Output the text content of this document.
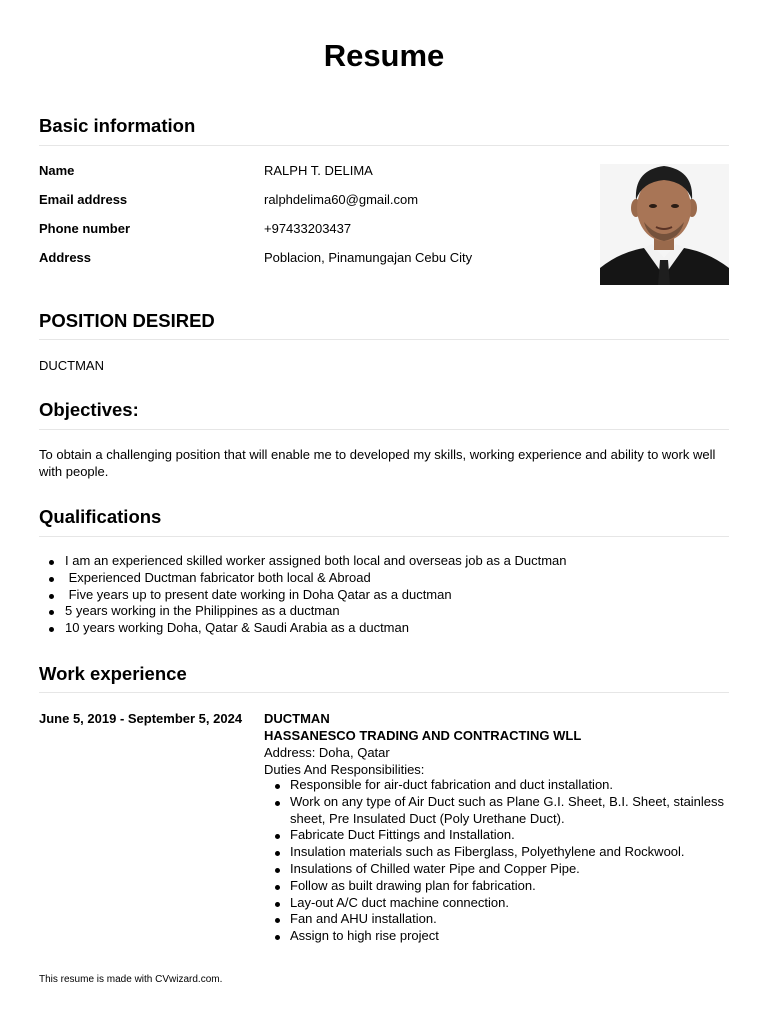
Resume
Basic information
Name	RALPH T. DELIMA
Email address	ralphdelima60@gmail.com
Phone number	+97433203437
Address	Poblacion, Pinamungajan Cebu City
POSITION DESIRED
DUCTMAN
Objectives:
To obtain a challenging position that will enable me to developed my skills, working experience and ability to work well with people.
Qualifications
I am an experienced skilled worker assigned both local and overseas job as a Ductman
Experienced Ductman fabricator both local & Abroad
Five years up to present date working in Doha Qatar as a ductman
5 years working in the Philippines as a ductman
10 years working Doha, Qatar & Saudi Arabia as a ductman
Work experience
June 5, 2019 - September 5, 2024 DUCTMAN
HASSANESCO TRADING AND CONTRACTING WLL
Address: Doha, Qatar
Duties And Responsibilities:
Responsible for air-duct fabrication and duct installation.
Work on any type of Air Duct such as Plane G.I. Sheet, B.I. Sheet, stainless sheet, Pre Insulated Duct (Poly Urethane Duct).
Fabricate Duct Fittings and Installation.
Insulation materials such as Fiberglass, Polyethylene and Rockwool.
Insulations of Chilled water Pipe and Copper Pipe.
Follow as built drawing plan for fabrication.
Lay-out A/C duct machine connection.
Fan and AHU installation.
Assign to high rise project
This resume is made with CVwizard.com.
